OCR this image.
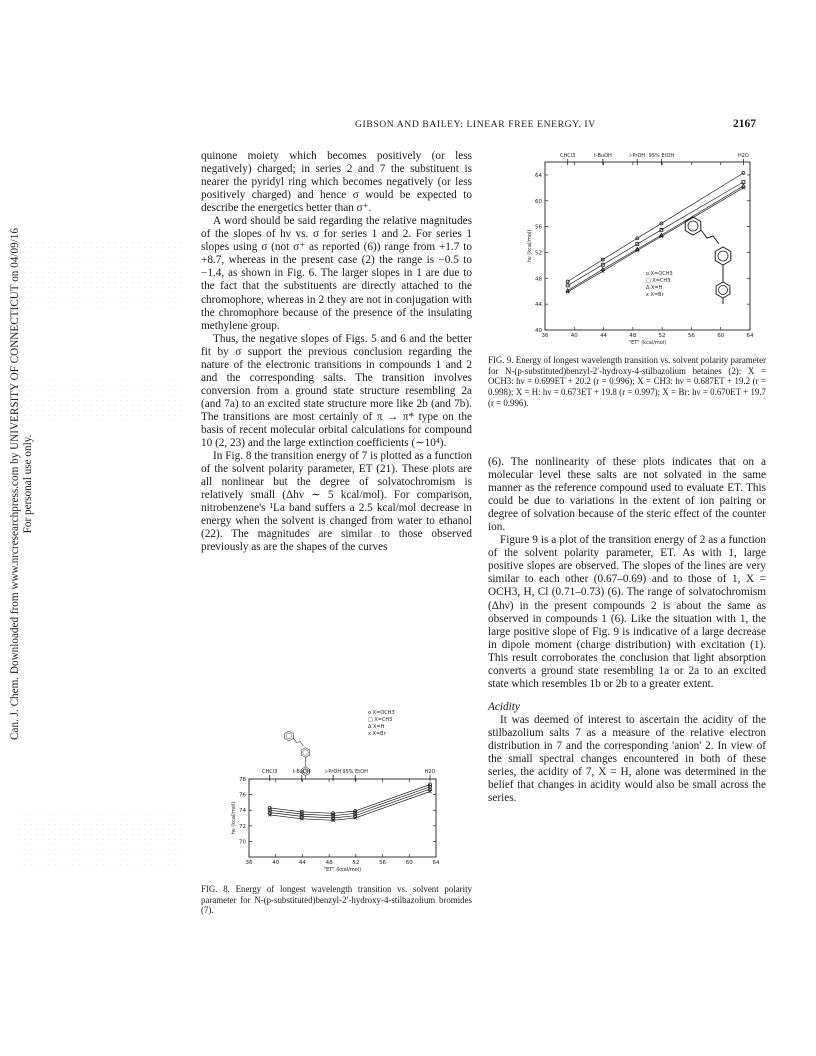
GIBSON AND BAILEY: LINEAR FREE ENERGY. IV	2167
Can. J. Chem. Downloaded from www.nrcresearchpress.com by UNIVERSITY OF CONNECTICUT on 04/09/16 For personal use only.

quinone moiety which becomes positively (or less negatively) charged; in series 2 and 7 the substituent is nearer the pyridyl ring which becomes negatively (or less positively charged) and hence σ would be expected to describe the energetics better than σ⁺.

A word should be said regarding the relative magnitudes of the slopes of hν vs. σ for series 1 and 2. For series 1 slopes using σ (not σ⁺ as reported (6)) range from +1.7 to +8.7, whereas in the present case (2) the range is −0.5 to −1.4, as shown in Fig. 6. The larger slopes in 1 are due to the fact that the substituents are directly attached to the chromophore, whereas in 2 they are not in conjugation with the chromophore because of the presence of the insulating methylene group.

Thus, the negative slopes of Figs. 5 and 6 and the better fit by σ support the previous conclusion regarding the nature of the electronic transitions in compounds 1 and 2 and the corresponding salts. The transition involves conversion from a ground state structure resembling 2a (and 7a) to an excited state structure more like 2b (and 7b). The transitions are most certainly of π → π* type on the basis of recent molecular orbital calculations for compound 10 (2, 23) and the large extinction coefficients (∼10⁴).

In Fig. 8 the transition energy of 7 is plotted as a function of the solvent polarity parameter, ET (21). These plots are all nonlinear but the degree of solvatochromism is relatively small (Δhν ∼ 5 kcal/mol). For comparison, nitrobenzene's ¹La band suffers a 2.5 kcal/mol decrease in energy when the solvent is changed from water to ethanol (22). The magnitudes are similar to those observed previously as are the shapes of the curves

36	40	44	48	52	56	60	64
40
44
48
52
56
60
64
CHCl3	t-BuOH	i-PrOH 95% EtOH	H2O
"ET" (kcal/mol)
hν (kcal/mol)
o X=OCH3
□ X=CH3
Δ X=H
x X=Br
FIG. 9. Energy of longest wavelength transition vs. solvent polarity parameter for N-(p-substituted)benzyl-2′-hydroxy-4-stilbazolium betaines (2): X = OCH3: hν = 0.699ET + 20.2 (r = 0.996); X = CH3: hν = 0.687ET + 19.2 (r = 0.998); X = H: hν = 0.673ET + 19.8 (r = 0.997); X = Br: hν = 0.670ET + 19.7 (r = 0.996).
36	40	44	48	52	56	60	64
70
72
74
76
78
CHCl3	t-BuOH	i-PrOH 95% EtOH	H2O
"ET" (kcal/mol)
hν (kcal/mol)
o X=OCH3
□ X=CH3
Δ X=H
x X=Br
FIG. 8. Energy of longest wavelength transition vs. solvent polarity parameter for N-(p-substituted)benzyl-2′-hydroxy-4-stilbazolium bromides (7).

(6). The nonlinearity of these plots indicates that on a molecular level these salts are not solvated in the same manner as the reference compound used to evaluate ET. This could be due to variations in the extent of ion pairing or degree of solvation because of the steric effect of the counter ion.

Figure 9 is a plot of the transition energy of 2 as a function of the solvent polarity parameter, ET. As with 1, large positive slopes are observed. The slopes of the lines are very similar to each other (0.67–0.69) and to those of 1, X = OCH3, H, Cl (0.71–0.73) (6). The range of solvatochromism (Δhν) in the present compounds 2 is about the same as observed in compounds 1 (6). Like the situation with 1, the large positive slope of Fig. 9 is indicative of a large decrease in dipole moment (charge distribution) with excitation (1). This result corroborates the conclusion that light absorption converts a ground state resembling 1a or 2a to an excited state which resembles 1b or 2b to a greater extent.

Acidity

It was deemed of interest to ascertain the acidity of the stilbazolium salts 7 as a measure of the relative electron distribution in 7 and the corresponding 'anion' 2. In view of the small spectral changes encountered in both of these series, the acidity of 7, X = H, alone was determined in the belief that changes in acidity would also be small across the series.
